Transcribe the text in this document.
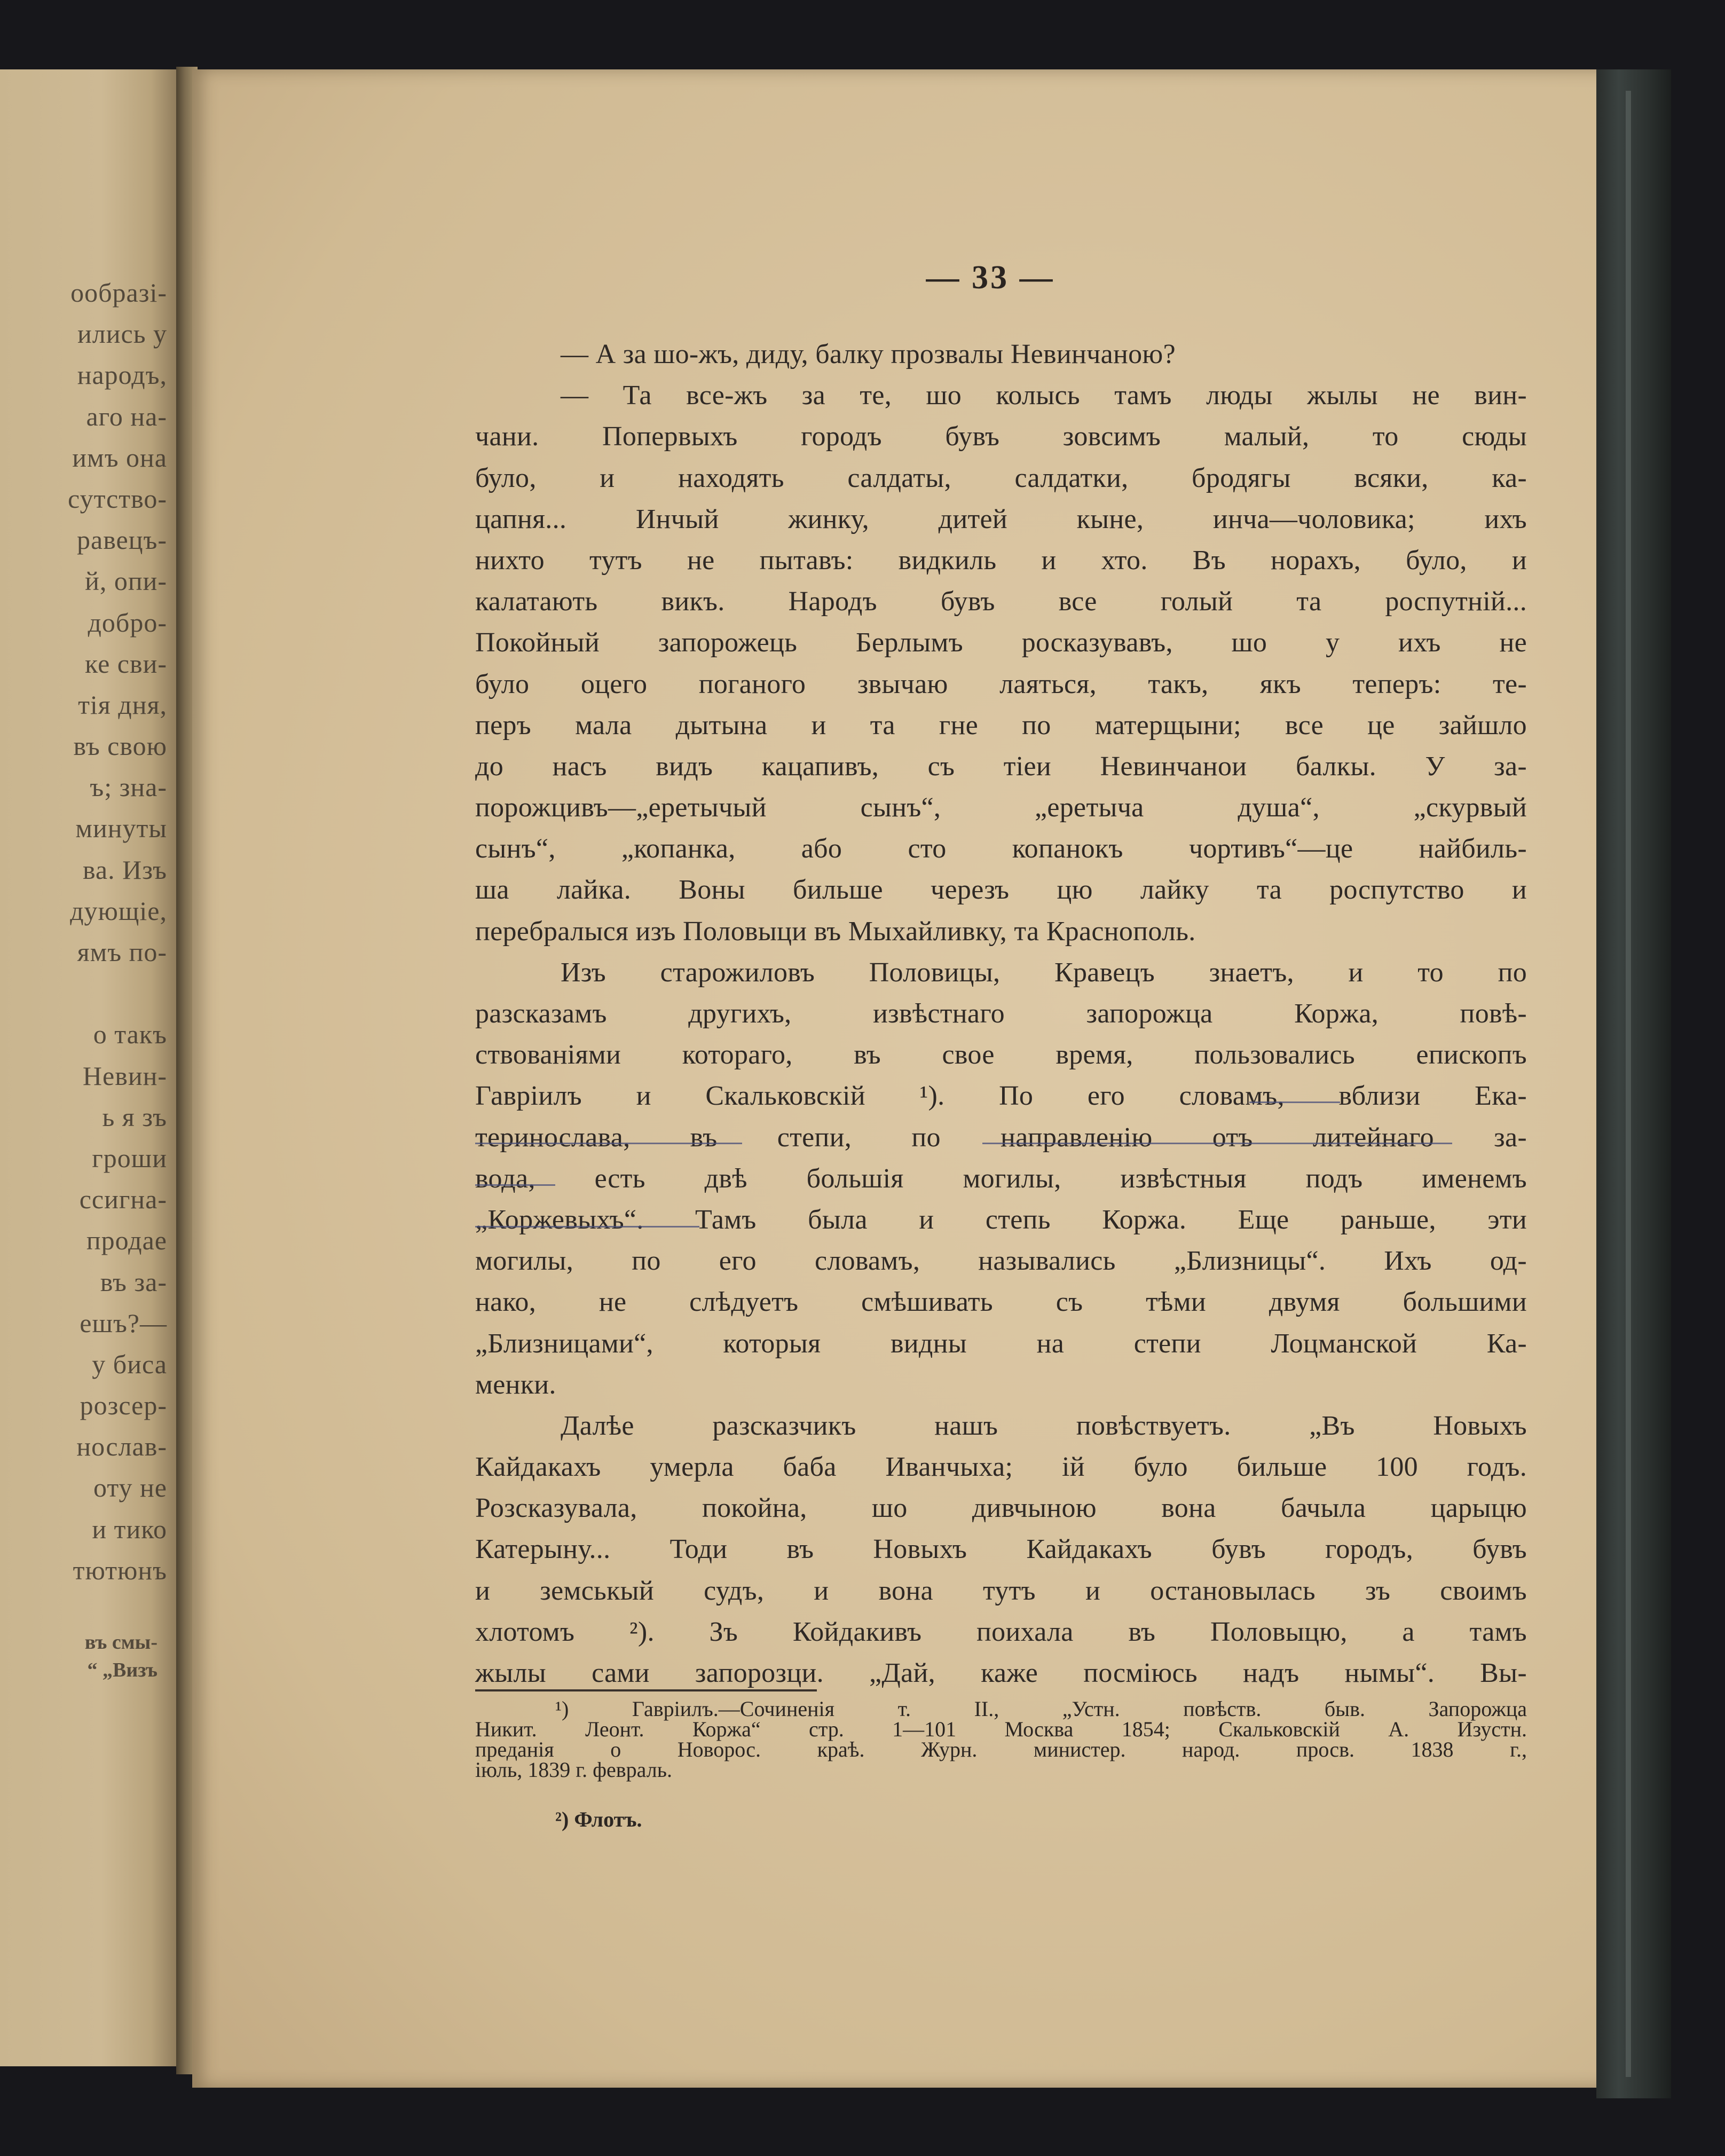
ообразі-
ились у
народъ,
аго на-
имъ она
сутство-
равецъ-
й, опи-
добро-
ке сви-
тія дня,
въ свою
ъ; зна-
минуты
ва. Изъ
дующіе,
ямъ по-
о такъ
Невин-
ь я зъ
гроши
ссигна-
продае
въ за-
ешъ?—
у биса
розсер-
нослав-
оту не
и тико
тютюнъ
въ смы-
“ „Визъ
— 33 —
— А за шо-жъ, диду, балку прозвалы Невинчаною?
— Та все-жъ за те, шо колысь тамъ люды жылы не вин-
чани. Попервыхъ городъ бувъ зовсимъ малый, то сюды
було, и находять салдаты, салдатки, бродягы всяки, ка-
цапня... Инчый жинку, дитей кыне, инча—чоловика; ихъ
нихто тутъ не пытавъ: видкиль и хто. Въ норахъ, було, и
калатають викъ. Народъ бувъ все голый та роспутній...
Покойный запорожець Берлымъ росказувавъ, шо у ихъ не
було оцего поганого звычаю лаяться, такъ, якъ теперъ: те-
перъ мала дытына и та гне по матерщыни; все це зайшло
до насъ видъ кацапивъ, съ тіеи Невинчанои балкы. У за-
порожцивъ—„еретычый сынъ“, „еретыча душа“, „скурвый
сынъ“, „копанка, або сто копанокъ чортивъ“—це найбиль-
ша лайка. Воны бильше черезъ цю лайку та роспутство и
перебралыся изъ Половыци въ Мыхайливку, та Краснополь.
Изъ старожиловъ Половицы, Кравецъ знаетъ, и то по
разсказамъ другихъ, извѣстнаго запорожца Коржа, повѣ-
ствованіями котораго, въ свое время, пользовались епископъ
Гавріилъ и Скальковскій ¹). По его словамъ, вблизи Ека-
теринослава, въ степи, по направленію отъ литейнаго за-
вода, есть двѣ большія могилы, извѣстныя подъ именемъ
„Коржевыхъ“. Тамъ была и степь Коржа. Еще раньше, эти
могилы, по его словамъ, назывались „Близницы“. Ихъ од-
нако, не слѣдуетъ смѣшивать съ тѣми двумя большими
„Близницами“, которыя видны на степи Лоцманской Ка-
менки.
Далѣе разсказчикъ нашъ повѣствуетъ. „Въ Новыхъ
Кайдакахъ умерла баба Иванчыха; ій було бильше 100 годъ.
Розсказувала, покойна, шо дивчыною вона бачыла царыцю
Катерыну... Тоди въ Новыхъ Кайдакахъ бувъ городъ, бувъ
и земськый судъ, и вона тутъ и остановылась зъ своимъ
хлотомъ ²). Зъ Койдакивъ поихала въ Половыцю, а тамъ
жылы сами запорозци. „Дай, каже посміюсь надъ нымы“. Вы-
¹) Гавріилъ.—Сочиненія т. II., „Устн. повѣств. быв. Запорожца
Никит. Леонт. Коржа“ стр. 1—101 Москва 1854; Скальковскій А. Изустн.
преданія о Новорос. краѣ. Журн. министер. народ. просв. 1838 г.,
іюль, 1839 г. февраль.
²) Флотъ.
